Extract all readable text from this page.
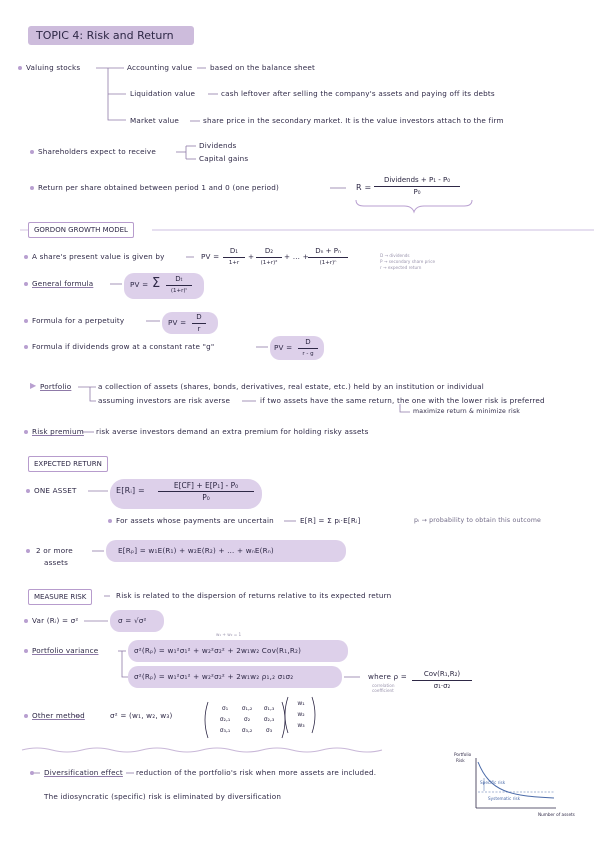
TOPIC 4: Risk and Return
Valuing stocks	Accounting value based on the balance sheet
Liquidation value	cash leftover after selling the company's assets and paying off its debts
Market value	share price in the secondary market. It is the value investors attach to the firm
Shareholders expect to receive
Dividends
Capital gains
Return per share obtained between period 1 and 0 (one period)	R =
Dividends + P₁ - P₀
P₀
GORDON GROWTH MODEL
A share's present value is given by	PV =
D₁
1+r
+
D₂
(1+r)²
+ … +
Dₙ + Pₙ
(1+r)ⁿ
D → dividends
P → secondary share price
r → expected return
General formula	PV = Σ	Dₜ
(1+r)ᵗ
Formula for a perpetuity	PV =
D
r
Formula if dividends grow at a constant rate "g"	PV =
D
r - g
▶ Portfolio	a collection of assets (shares, bonds, derivatives, real estate, etc.) held by an institution or individual
assuming investors are risk averse	if two assets have the same return, the one with the lower risk is preferred
maximize return & minimize risk
Risk premium risk averse investors demand an extra premium for holding risky assets
EXPECTED RETURN
ONE ASSET	E[Rᵢ] =
E[CF] + E[P₁] - P₀
P₀
For assets whose payments are uncertain	E[R] = Σ pᵢ·E[Rᵢ]	pᵢ → probability to obtain this outcome
2 or more
assets
E[Rₚ] = w₁E(R₁) + w₂E(R₂) + … + wₙE(Rₙ)
MEASURE RISK	Risk is related to the dispersion of returns relative to its expected return
Var (Rᵢ) = σ²	σ = √σ²
w₁ + w₂ = 1
Portfolio variance	σ²(Rₚ) = w₁²σ₁² + w₂²σ₂² + 2w₁w₂ Cov(R₁,R₂)
σ²(Rₚ) = w₁²σ₁² + w₂²σ₂² + 2w₁w₂ ρ₁,₂ σ₁σ₂	where ρ =
correlation
coefficient
Cov(R₁,R₂)
σ₁·σ₂
Other method	σ² = (w₁, w₂, w₃)
σ₁	σ₁,₂	σ₁,₃
σ₂,₁	σ₂	σ₂,₃
σ₃,₁	σ₃,₂	σ₃
w₁
w₂
w₃
Diversification effect reduction of the portfolio's risk when more assets are included.
The idiosyncratic (specific) risk is eliminated by diversification
Portfolio
Risk
Specific risk
Systematic risk
Number of assets
